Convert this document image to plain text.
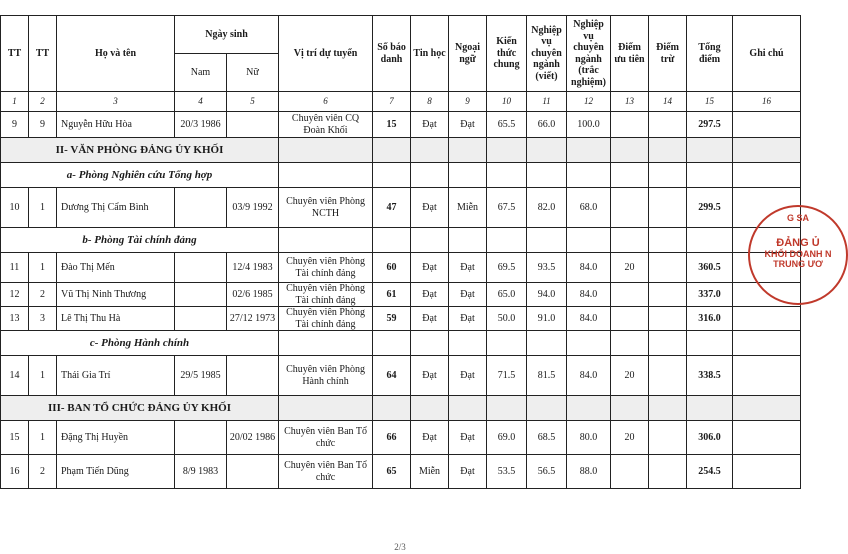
TT	TT	Họ và tên	Ngày sinh		Vị trí dự tuyển	Số báo danh	Tin học	Ngoại ngữ	Kiến thức chung	Nghiệp vụ chuyên ngành (viết)	Nghiệp vụ chuyên ngành (trắc nghiệm)	Điểm ưu tiên	Điểm trừ	Tổng điểm	Ghi chú
			Nam	Nữ											
1	2	3	4	5	6	7	8	9	10	11	12	13	14	15	16
9	9	Nguyễn Hữu Hòa	20/3 1986		Chuyên viên CQ Đoàn Khối	15	Đạt	Đạt	65.5	66.0	100.0			297.5	
II- VĂN PHÒNG ĐẢNG ỦY KHỐI															
a- Phòng Nghiên cứu Tổng hợp															
10	1	Dương Thị Cẩm Bình		03/9 1992	Chuyên viên Phòng NCTH	47	Đạt	Miễn	67.5	82.0	68.0			299.5	
b- Phòng Tài chính đảng															
11	1	Đào Thị Mến		12/4 1983	Chuyên viên Phòng Tài chính đảng	60	Đạt	Đạt	69.5	93.5	84.0	20		360.5	
12	2	Vũ Thị Ninh Thương		02/6 1985	Chuyên viên Phòng Tài chính đảng	61	Đạt	Đạt	65.0	94.0	84.0			337.0	
13	3	Lê Thị Thu Hà		27/12 1973	Chuyên viên Phòng Tài chính đảng	59	Đạt	Đạt	50.0	91.0	84.0			316.0	
c- Phòng Hành chính															
14	1	Thái Gia Trí	29/5 1985		Chuyên viên Phòng Hành chính	64	Đạt	Đạt	71.5	81.5	84.0	20		338.5	
III- BAN TỔ CHỨC ĐẢNG ỦY KHỐI															
15	1	Đặng Thị Huyền		20/02 1986	Chuyên viên Ban Tổ chức	66	Đạt	Đạt	69.0	68.5	80.0	20		306.0	
16	2	Phạm Tiến Dũng	8/9 1983		Chuyên viên Ban Tổ chức	65	Miễn	Đạt	53.5	56.5	88.0			254.5	
G SA
ĐẢNG Ủ
KHỐI DOANH N
TRUNG ƯƠ
2/3
